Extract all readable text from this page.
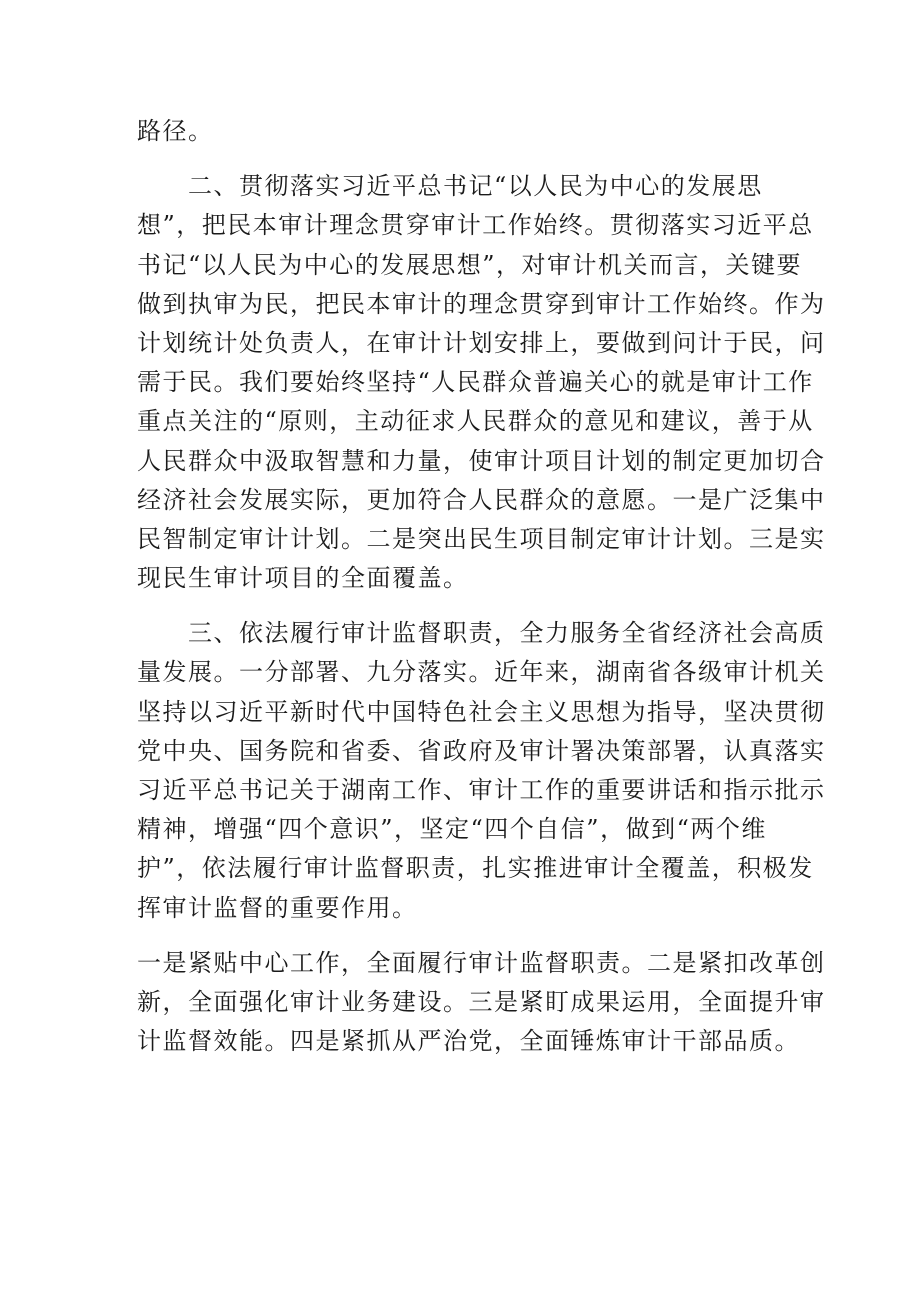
路径。
　　二、贯彻落实习近平总书记“以人民为中心的发展思
想”，把民本审计理念贯穿审计工作始终。贯彻落实习近平总
书记“以人民为中心的发展思想”，对审计机关而言，关键要
做到执审为民，把民本审计的理念贯穿到审计工作始终。作为
计划统计处负责人，在审计计划安排上，要做到问计于民，问
需于民。我们要始终坚持“人民群众普遍关心的就是审计工作
重点关注的“原则，主动征求人民群众的意见和建议，善于从
人民群众中汲取智慧和力量，使审计项目计划的制定更加切合
经济社会发展实际，更加符合人民群众的意愿。一是广泛集中
民智制定审计计划。二是突出民生项目制定审计计划。三是实
现民生审计项目的全面覆盖。
　　三、依法履行审计监督职责，全力服务全省经济社会高质
量发展。一分部署、九分落实。近年来，湖南省各级审计机关
坚持以习近平新时代中国特色社会主义思想为指导，坚决贯彻
党中央、国务院和省委、省政府及审计署决策部署，认真落实
习近平总书记关于湖南工作、审计工作的重要讲话和指示批示
精神，增强“四个意识”，坚定“四个自信”，做到“两个维
护”，依法履行审计监督职责，扎实推进审计全覆盖，积极发
挥审计监督的重要作用。
一是紧贴中心工作，全面履行审计监督职责。二是紧扣改革创
新，全面强化审计业务建设。三是紧盯成果运用，全面提升审
计监督效能。四是紧抓从严治党，全面锤炼审计干部品质。
